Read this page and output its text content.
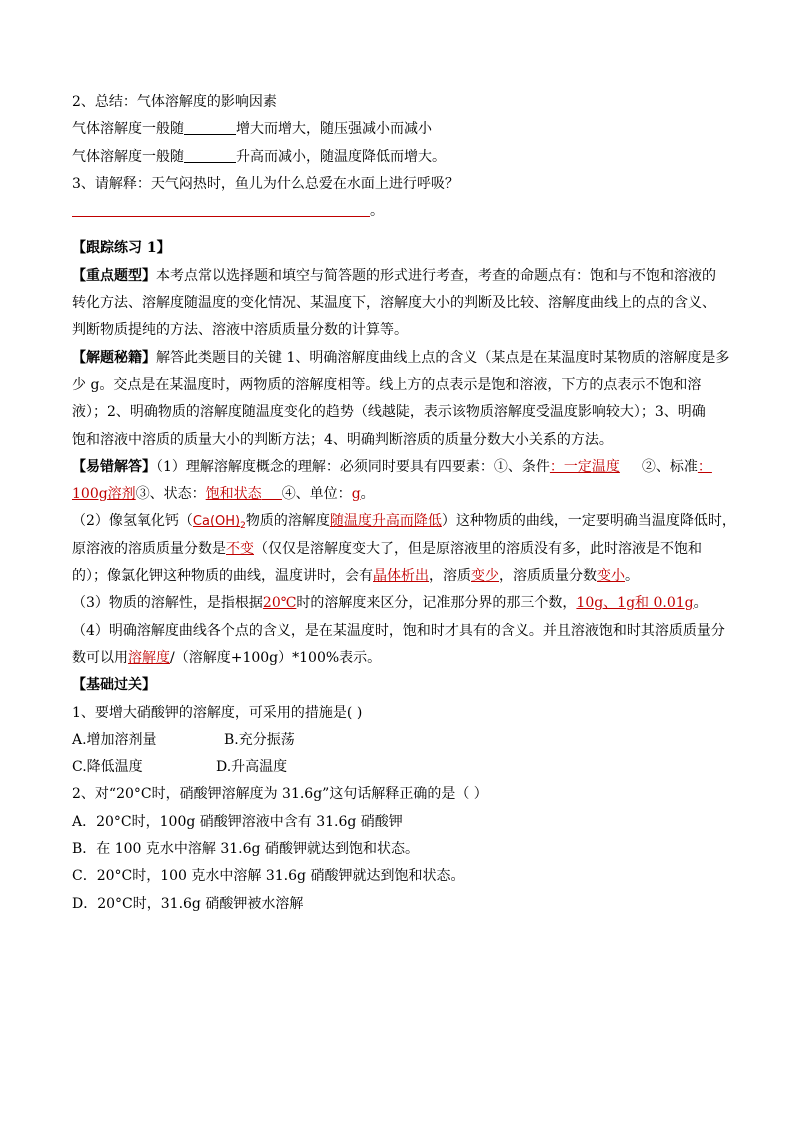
2、总结：气体溶解度的影响因素
气体溶解度一般随	增大而增大，随压强减小而减小
气体溶解度一般随	升高而减小，随温度降低而增大。
3、请解释：天气闷热时，鱼儿为什么总爱在水面上进行呼吸？
。
【跟踪练习 1】
【重点题型】本考点常以选择题和填空与简答题的形式进行考查，考查的命题点有：饱和与不饱和溶液的
转化方法、溶解度随温度的变化情况、某温度下，溶解度大小的判断及比较、溶解度曲线上的点的含义、
判断物质提纯的方法、溶液中溶质质量分数的计算等。
【解题秘籍】解答此类题目的关键 1、明确溶解度曲线上点的含义（某点是在某温度时某物质的溶解度是多
少 g。交点是在某温度时，两物质的溶解度相等。线上方的点表示是饱和溶液，下方的点表示不饱和溶
液）；2、明确物质的溶解度随温度变化的趋势（线越陡，表示该物质溶解度受温度影响较大）；3、明确
饱和溶液中溶质的质量大小的判断方法；4、明确判断溶质的质量分数大小关系的方法。
【易错解答】（1）理解溶解度概念的理解：必须同时要具有四要素：①、条件：一定温度 ②、标准：
100g溶剂③、状态：饱和状态 ④、单位：g。
（2）像氢氧化钙（$Ca(OH)_2$物质的溶解度随温度升高而降低）这种物质的曲线，一定要明确当温度降低时，
原溶液的溶质质量分数是不变（仅仅是溶解度变大了，但是原溶液里的溶质没有多，此时溶液是不饱和
的）；像氯化钾这种物质的曲线，温度讲时，会有晶体析出，溶质变少，溶质质量分数变小。
（3）物质的溶解性，是指根据20℃时的溶解度来区分，记准那分界的那三个数，10g、1g和 0.01g。
（4）明确溶解度曲线各个点的含义，是在某温度时，饱和时才具有的含义。并且溶液饱和时其溶质质量分
数可以用溶解度/（溶解度+100g）*100%表示。
【基础过关】
1、要增大硝酸钾的溶解度，可采用的措施是( )
A.增加溶剂量	B.充分振荡
C.降低温度	D.升高温度
2、对“20°C时，硝酸钾溶解度为 31.6g”这句话解释正确的是（ ）
A．20°C时，100g 硝酸钾溶液中含有 31.6g 硝酸钾
B．在 100 克水中溶解 31.6g 硝酸钾就达到饱和状态。
C．20°C时，100 克水中溶解 31.6g 硝酸钾就达到饱和状态。
D．20°C时，31.6g 硝酸钾被水溶解
